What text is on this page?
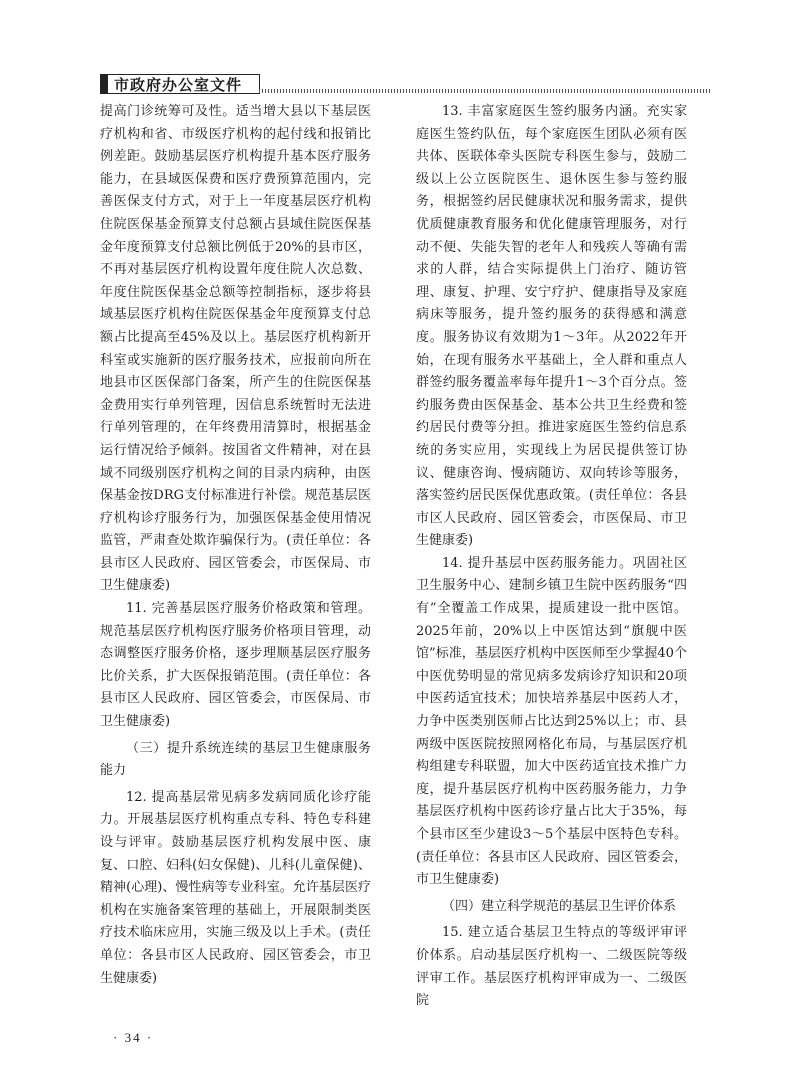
市政府办公室文件

提高门诊统筹可及性。适当增大县以下基层医疗机构和省、市级医疗机构的起付线和报销比例差距。鼓励基层医疗机构提升基本医疗服务能力，在县域医保费和医疗费预算范围内，完善医保支付方式，对于上一年度基层医疗机构住院医保基金预算支付总额占县域住院医保基金年度预算支付总额比例低于20%的县市区，不再对基层医疗机构设置年度住院人次总数、年度住院医保基金总额等控制指标，逐步将县域基层医疗机构住院医保基金年度预算支付总额占比提高至45%及以上。基层医疗机构新开科室或实施新的医疗服务技术，应报前向所在地县市区医保部门备案，所产生的住院医保基金费用实行单列管理，因信息系统暂时无法进行单列管理的，在年终费用清算时，根据基金运行情况给予倾斜。按国省文件精神，对在县域不同级别医疗机构之间的目录内病种，由医保基金按DRG支付标准进行补偿。规范基层医疗机构诊疗服务行为，加强医保基金使用情况监管，严肃查处欺诈骗保行为。(责任单位：各县市区人民政府、园区管委会，市医保局、市卫生健康委)

11. 完善基层医疗服务价格政策和管理。规范基层医疗机构医疗服务价格项目管理，动态调整医疗服务价格，逐步理顺基层医疗服务比价关系，扩大医保报销范围。(责任单位：各县市区人民政府、园区管委会，市医保局、市卫生健康委)

（三）提升系统连续的基层卫生健康服务能力

12. 提高基层常见病多发病同质化诊疗能力。开展基层医疗机构重点专科、特色专科建设与评审。鼓励基层医疗机构发展中医、康复、口腔、妇科(妇女保健)、儿科(儿童保健)、精神(心理)、慢性病等专业科室。允许基层医疗机构在实施备案管理的基础上，开展限制类医疗技术临床应用，实施三级及以上手术。(责任单位：各县市区人民政府、园区管委会，市卫生健康委)

13. 丰富家庭医生签约服务内涵。充实家庭医生签约队伍，每个家庭医生团队必须有医共体、医联体牵头医院专科医生参与，鼓励二级以上公立医院医生、退休医生参与签约服务，根据签约居民健康状况和服务需求，提供优质健康教育服务和优化健康管理服务，对行动不便、失能失智的老年人和残疾人等确有需求的人群，结合实际提供上门治疗、随访管理、康复、护理、安宁疗护、健康指导及家庭病床等服务，提升签约服务的获得感和满意度。服务协议有效期为1～3年。从2022年开始，在现有服务水平基础上，全人群和重点人群签约服务覆盖率每年提升1～3个百分点。签约服务费由医保基金、基本公共卫生经费和签约居民付费等分担。推进家庭医生签约信息系统的务实应用，实现线上为居民提供签订协议、健康咨询、慢病随访、双向转诊等服务，落实签约居民医保优惠政策。(责任单位：各县市区人民政府、园区管委会，市医保局、市卫生健康委)

14. 提升基层中医药服务能力。巩固社区卫生服务中心、建制乡镇卫生院中医药服务“四有”全覆盖工作成果，提质建设一批中医馆。2025年前，20%以上中医馆达到“旗舰中医馆”标准，基层医疗机构中医医师至少掌握40个中医优势明显的常见病多发病诊疗知识和20项中医药适宜技术；加快培养基层中医药人才，力争中医类别医师占比达到25%以上；市、县两级中医医院按照网格化布局，与基层医疗机构组建专科联盟，加大中医药适宜技术推广力度，提升基层医疗机构中医药服务能力，力争基层医疗机构中医药诊疗量占比大于35%，每个县市区至少建设3～5个基层中医特色专科。(责任单位：各县市区人民政府、园区管委会，市卫生健康委)

（四）建立科学规范的基层卫生评价体系

15. 建立适合基层卫生特点的等级评审评价体系。启动基层医疗机构一、二级医院等级评审工作。基层医疗机构评审成为一、二级医院

· 34 ·
